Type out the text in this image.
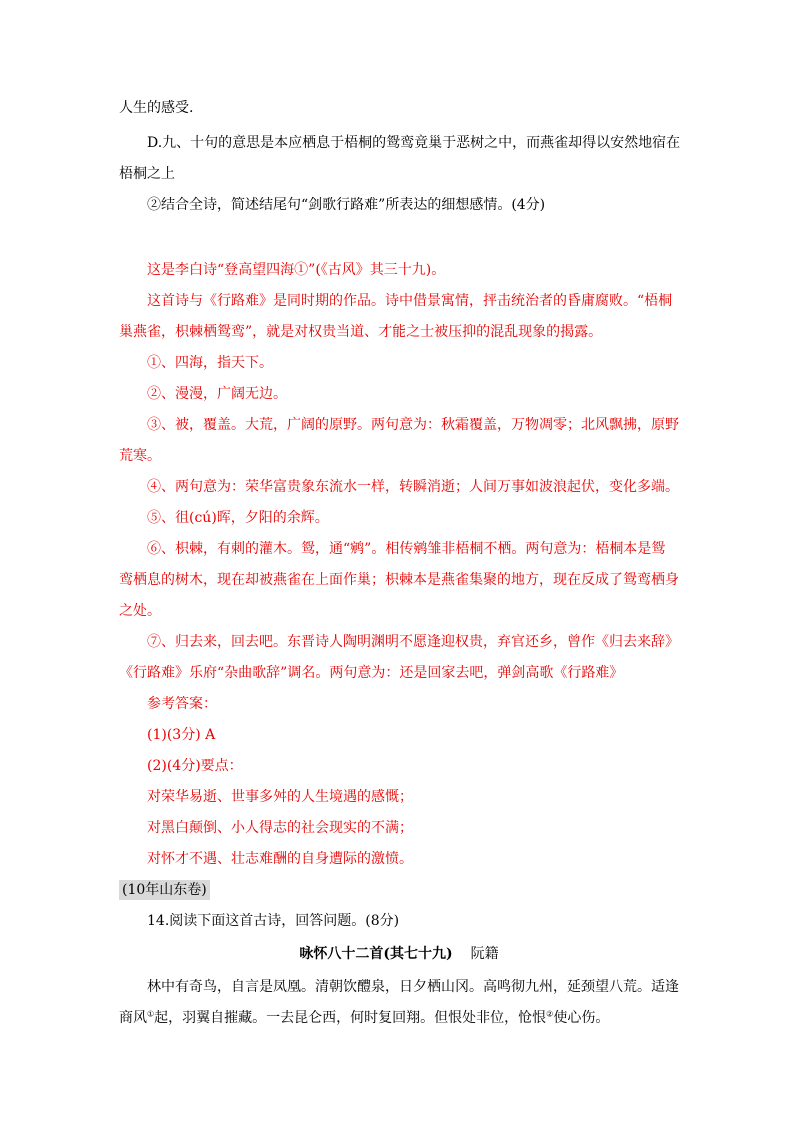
人生的感受.
D.九、十句的意思是本应栖息于梧桐的鸳鸾竟巢于恶树之中，而燕雀却得以安然地宿在
梧桐之上
②结合全诗，简述结尾句“剑歌行路难”所表达的细想感情。(4分)
这是李白诗“登高望四海①”(《古风》其三十九)。
这首诗与《行路难》是同时期的作品。诗中借景寓情，抨击统治者的昏庸腐败。“梧桐
巢燕雀，枳棘栖鸳鸾”，就是对权贵当道、才能之士被压抑的混乱现象的揭露。
①、四海，指天下。
②、漫漫，广阔无边。
③、被，覆盖。大荒，广阔的原野。两句意为：秋霜覆盖，万物凋零；北风飘拂，原野
荒寒。
④、两句意为：荣华富贵象东流水一样，转瞬消逝；人间万事如波浪起伏，变化多端。
⑤、徂(cú)晖，夕阳的余辉。
⑥、枳棘，有刺的灌木。鸳，通“鹓”。相传鹓雏非梧桐不栖。两句意为：梧桐本是鸳
鸾栖息的树木，现在却被燕雀在上面作巢；枳棘本是燕雀集聚的地方，现在反成了鸳鸾栖身
之处。
⑦、归去来，回去吧。东晋诗人陶明渊明不愿逢迎权贵，弃官还乡，曾作《归去来辞》
《行路难》乐府“杂曲歌辞”调名。两句意为：还是回家去吧，弹剑高歌《行路难》
参考答案：
(1)(3分) A
(2)(4分)要点：
对荣华易逝、世事多舛的人生境遇的感慨；
对黑白颠倒、小人得志的社会现实的不满；
对怀才不遇、壮志难酬的自身遭际的激愤。
(10年山东卷)
14.阅读下面这首古诗，回答问题。(8分)
咏怀八十二首(其七十九) 阮籍
林中有奇鸟，自言是凤凰。清朝饮醴泉，日夕栖山冈。高鸣彻九州，延颈望八荒。适逢
商风①起，羽翼自摧藏。一去昆仑西，何时复回翔。但恨处非位，怆恨②使心伤。
